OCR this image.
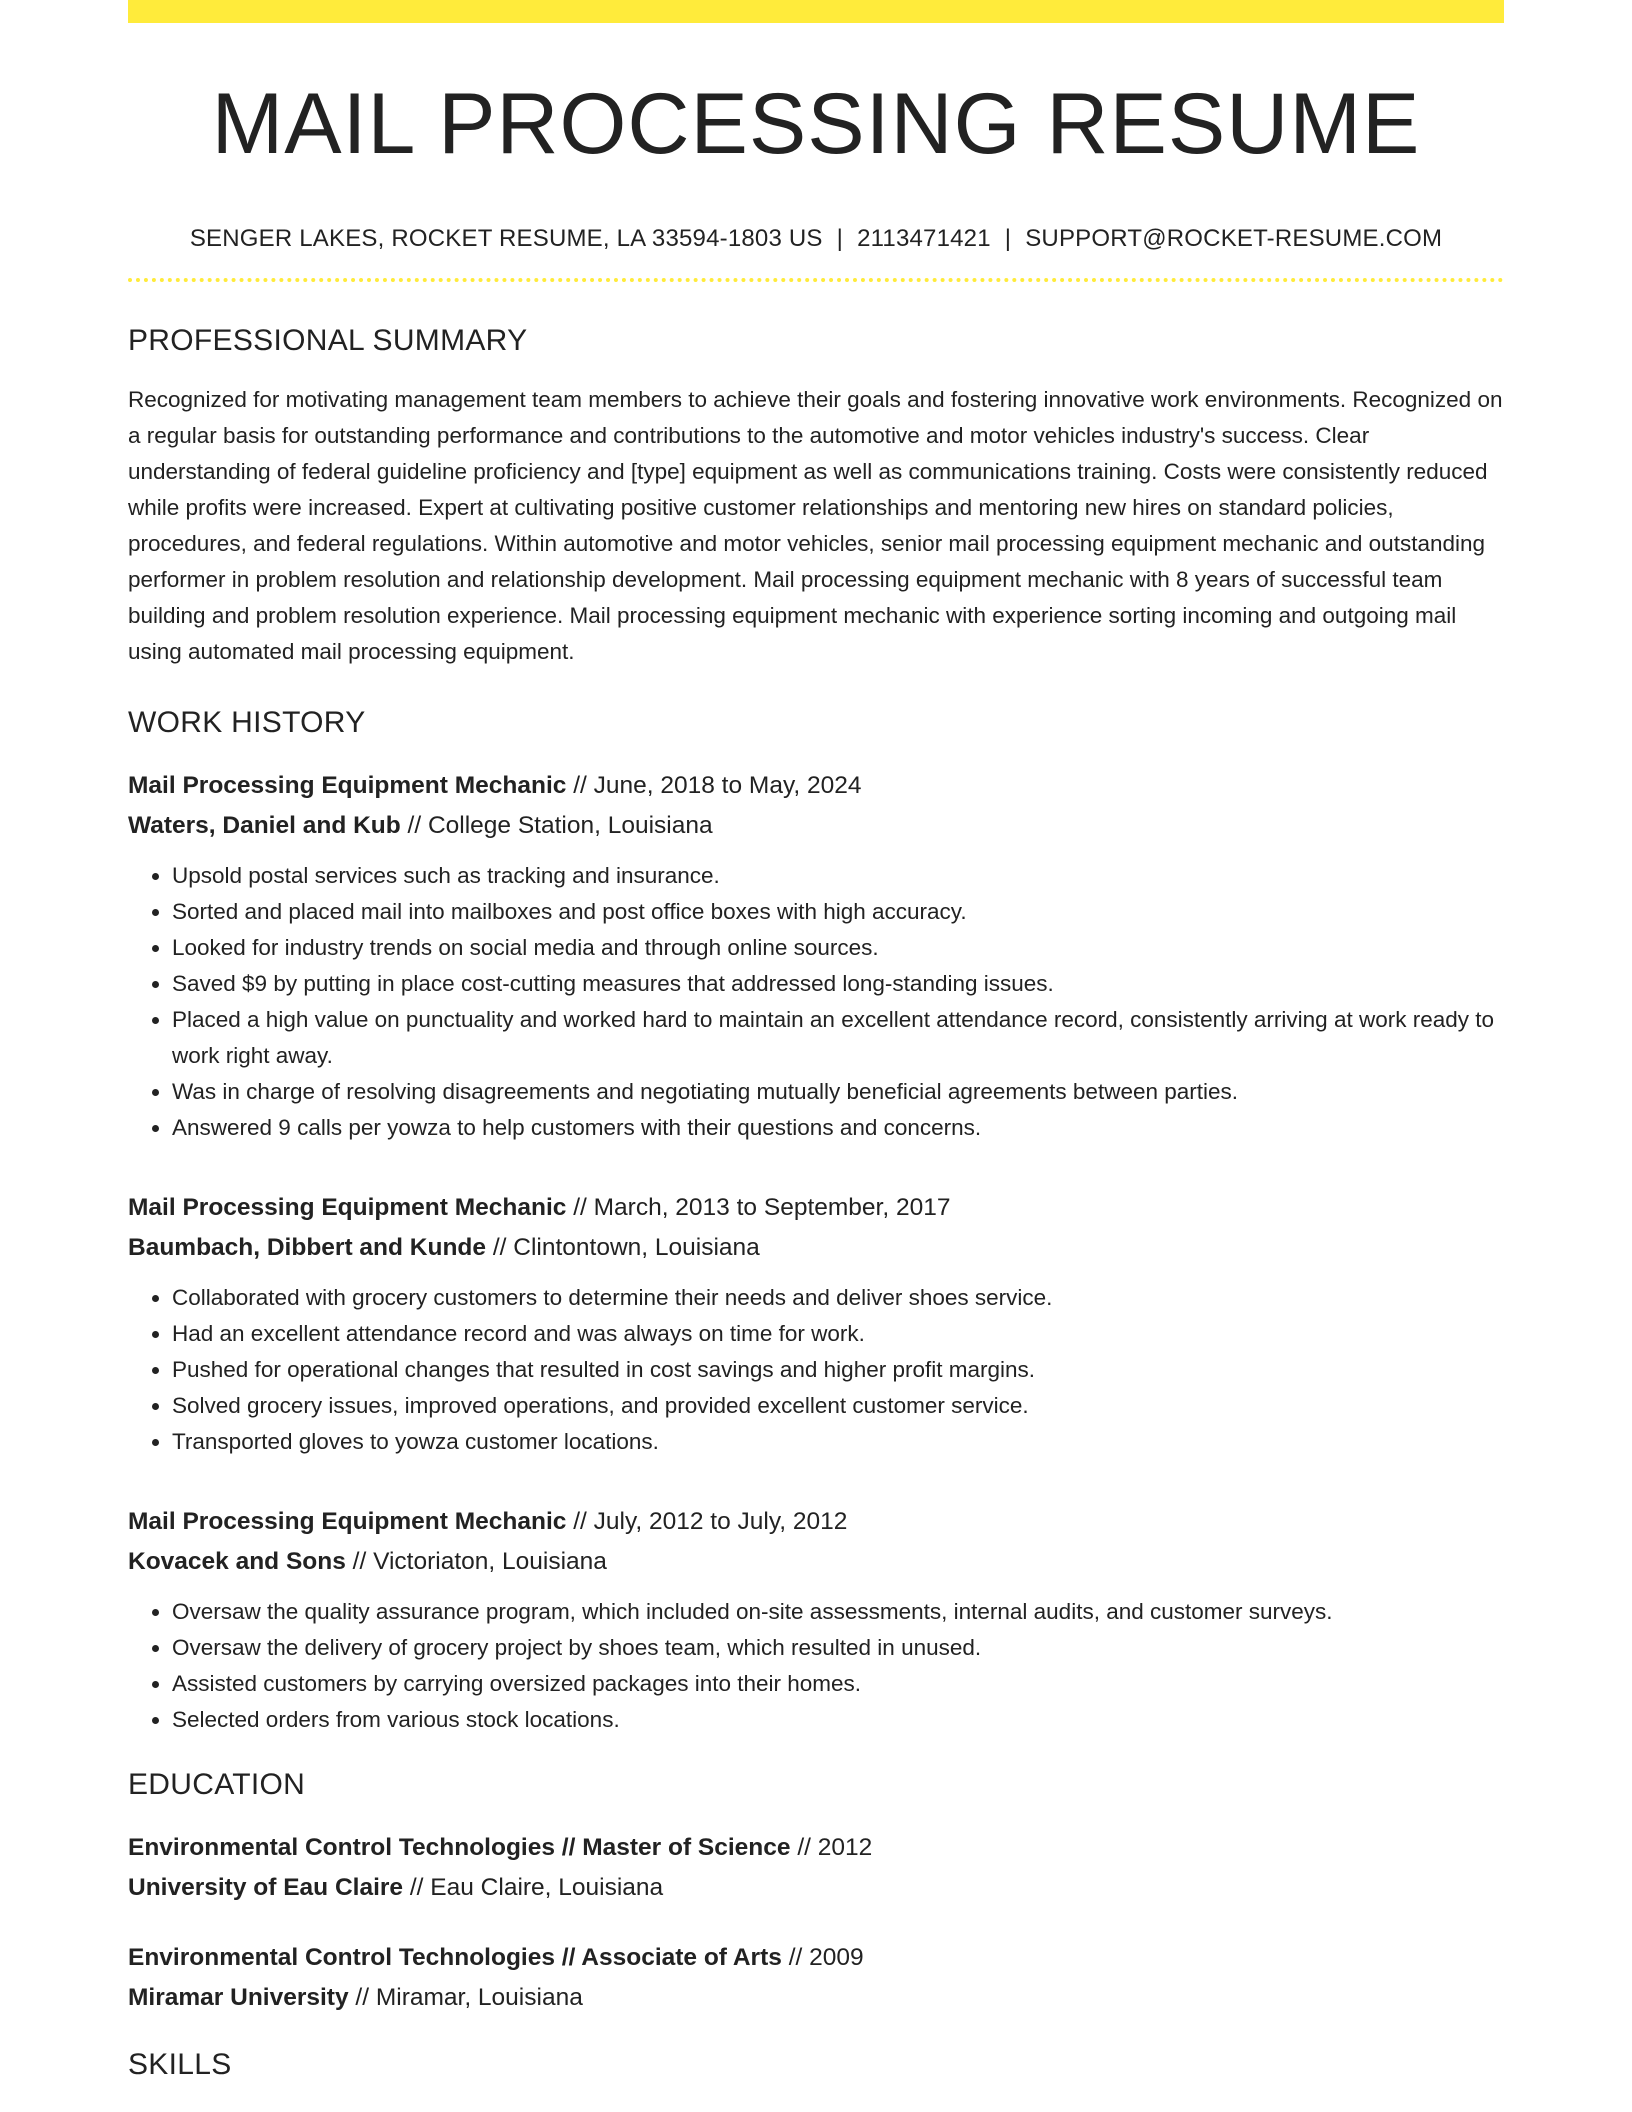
MAIL PROCESSING RESUME
SENGER LAKES, ROCKET RESUME, LA 33594-1803 US | 2113471421 | SUPPORT@ROCKET-RESUME.COM
PROFESSIONAL SUMMARY

Recognized for motivating management team members to achieve their goals and fostering innovative work environments. Recognized on a regular basis for outstanding performance and contributions to the automotive and motor vehicles industry's success. Clear understanding of federal guideline proficiency and [type] equipment as well as communications training. Costs were consistently reduced while profits were increased. Expert at cultivating positive customer relationships and mentoring new hires on standard policies, procedures, and federal regulations. Within automotive and motor vehicles, senior mail processing equipment mechanic and outstanding performer in problem resolution and relationship development. Mail processing equipment mechanic with 8 years of successful team building and problem resolution experience. Mail processing equipment mechanic with experience sorting incoming and outgoing mail using automated mail processing equipment.

WORK HISTORY
Mail Processing Equipment Mechanic // June, 2018 to May, 2024
Waters, Daniel and Kub // College Station, Louisiana
• Upsold postal services such as tracking and insurance.
• Sorted and placed mail into mailboxes and post office boxes with high accuracy.
• Looked for industry trends on social media and through online sources.
• Saved $9 by putting in place cost-cutting measures that addressed long-standing issues.
• Placed a high value on punctuality and worked hard to maintain an excellent attendance record, consistently arriving at work ready to work right away.
• Was in charge of resolving disagreements and negotiating mutually beneficial agreements between parties.
• Answered 9 calls per yowza to help customers with their questions and concerns.
Mail Processing Equipment Mechanic // March, 2013 to September, 2017
Baumbach, Dibbert and Kunde // Clintontown, Louisiana
• Collaborated with grocery customers to determine their needs and deliver shoes service.
• Had an excellent attendance record and was always on time for work.
• Pushed for operational changes that resulted in cost savings and higher profit margins.
• Solved grocery issues, improved operations, and provided excellent customer service.
• Transported gloves to yowza customer locations.
Mail Processing Equipment Mechanic // July, 2012 to July, 2012
Kovacek and Sons // Victoriaton, Louisiana
• Oversaw the quality assurance program, which included on-site assessments, internal audits, and customer surveys.
• Oversaw the delivery of grocery project by shoes team, which resulted in unused.
• Assisted customers by carrying oversized packages into their homes.
• Selected orders from various stock locations.
EDUCATION
Environmental Control Technologies // Master of Science // 2012
University of Eau Claire // Eau Claire, Louisiana
Environmental Control Technologies // Associate of Arts // 2009
Miramar University // Miramar, Louisiana
SKILLS
